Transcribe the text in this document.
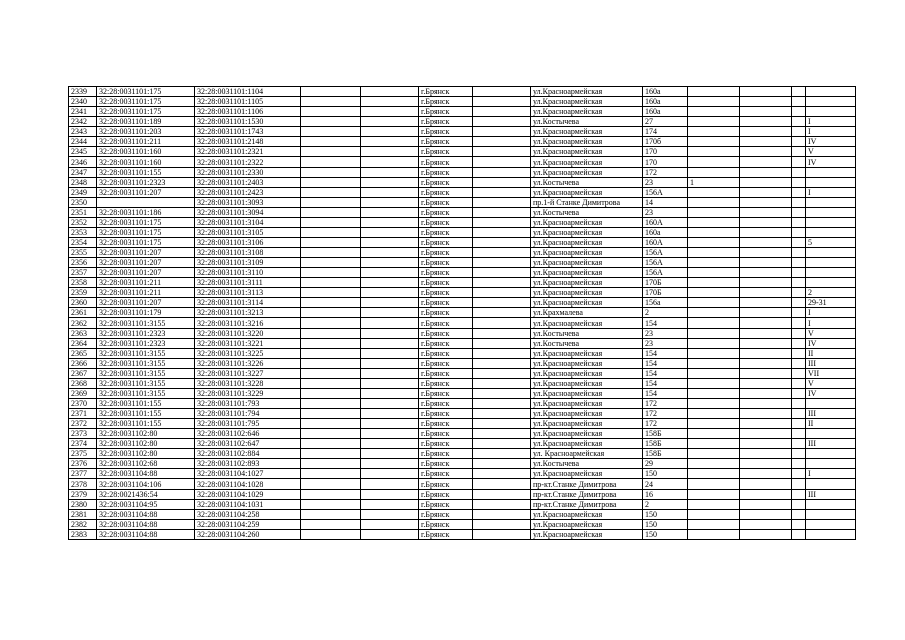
2339	32:28:0031101:175	32:28:0031101:1104			г.Брянск		ул.Красноармейская	160а				
2340	32:28:0031101:175	32:28:0031101:1105			г.Брянск		ул.Красноармейская	160а				
2341	32:28:0031101:175	32:28:0031101:1106			г.Брянск		ул.Красноармейская	160а				
2342	32:28:0031101:189	32:28:0031101:1530			г.Брянск		ул.Костычева	27				I
2343	32:28:0031101:203	32:28:0031101:1743			г.Брянск		ул.Красноармейская	174				I
2344	32:28:0031101:211	32:28:0031101:2148			г.Брянск		ул.Красноармейская	170б				IV
2345	32:28:0031101:160	32:28:0031101:2321			г.Брянск		ул.Красноармейская	170				V
2346	32:28:0031101:160	32:28:0031101:2322			г.Брянск		ул.Красноармейская	170				IV
2347	32:28:0031101:155	32:28:0031101:2330			г.Брянск		ул.Красноармейская	172				
2348	32:28:0031101:2323	32:28:0031101:2403			г.Брянск		ул.Костычева	23	1			
2349	32:28:0031101:207	32:28:0031101:2423			г.Брянск		ул.Красноармейская	156А				I
2350		32:28:0031101:3093			г.Брянск		пр.1-й Станке Димитрова	14				
2351	32:28:0031101:186	32:28:0031101:3094			г.Брянск		ул.Костычева	23				
2352	32:28:0031101:175	32:28:0031101:3104			г.Брянск		ул.Красноармейская	160А				
2353	32:28:0031101:175	32:28:0031101:3105			г.Брянск		ул.Красноармейская	160а				
2354	32:28:0031101:175	32:28:0031101:3106			г.Брянск		ул.Красноармейская	160А				5
2355	32:28:0031101:207	32:28:0031101:3108			г.Брянск		ул.Красноармейская	156А				
2356	32:28:0031101:207	32:28:0031101:3109			г.Брянск		ул.Красноармейская	156А				
2357	32:28:0031101:207	32:28:0031101:3110			г.Брянск		ул.Красноармейская	156А				
2358	32:28:0031101:211	32:28:0031101:3111			г.Брянск		ул.Красноармейская	170Б				
2359	32:28:0031101:211	32:28:0031101:3113			г.Брянск		ул.Красноармейская	170Б				2
2360	32:28:0031101:207	32:28:0031101:3114			г.Брянск		ул.Красноармейская	156а				29-31
2361	32:28:0031101:179	32:28:0031101:3213			г.Брянск		ул.Крахмалева	2				I
2362	32:28:0031101:3155	32:28:0031101:3216			г.Брянск		ул.Красноармейская	154				I
2363	32:28:0031101:2323	32:28:0031101:3220			г.Брянск		ул.Костычева	23				V
2364	32:28:0031101:2323	32:28:0031101:3221			г.Брянск		ул.Костычева	23				IV
2365	32:28:0031101:3155	32:28:0031101:3225			г.Брянск		ул.Красноармейская	154				II
2366	32:28:0031101:3155	32:28:0031101:3226			г.Брянск		ул.Красноармейская	154				III
2367	32:28:0031101:3155	32:28:0031101:3227			г.Брянск		ул.Красноармейская	154				VII
2368	32:28:0031101:3155	32:28:0031101:3228			г.Брянск		ул.Красноармейская	154				V
2369	32:28:0031101:3155	32:28:0031101:3229			г.Брянск		ул.Красноармейская	154				IV
2370	32:28:0031101:155	32:28:0031101:793			г.Брянск		ул.Красноармейская	172				
2371	32:28:0031101:155	32:28:0031101:794			г.Брянск		ул.Красноармейская	172				III
2372	32:28:0031101:155	32:28:0031101:795			г.Брянск		ул.Красноармейская	172				II
2373	32:28:0031102:80	32:28:0031102:646			г.Брянск		ул.Красноармейская	158Б				
2374	32:28:0031102:80	32:28:0031102:647			г.Брянск		ул.Красноармейская	158Б				III
2375	32:28:0031102:80	32:28:0031102:884			г.Брянск		ул. Красноармейская	158Б				
2376	32:28:0031102:68	32:28:0031102:893			г.Брянск		ул.Костычева	29				
2377	32:28:0031104:88	32:28:0031104:1027			г.Брянск		ул.Красноармейская	150				I
2378	32:28:0031104:106	32:28:0031104:1028			г.Брянск		пр-кт.Станке Димитрова	24				
2379	32:28:0021436:54	32:28:0031104:1029			г.Брянск		пр-кт.Станке Димитрова	16				III
2380	32:28:0031104:95	32:28:0031104:1031			г.Брянск		пр-кт.Станке Димитрова	2				
2381	32:28:0031104:88	32:28:0031104:258			г.Брянск		ул.Красноармейская	150				
2382	32:28:0031104:88	32:28:0031104:259			г.Брянск		ул.Красноармейская	150				
2383	32:28:0031104:88	32:28:0031104:260			г.Брянск		ул.Красноармейская	150				
